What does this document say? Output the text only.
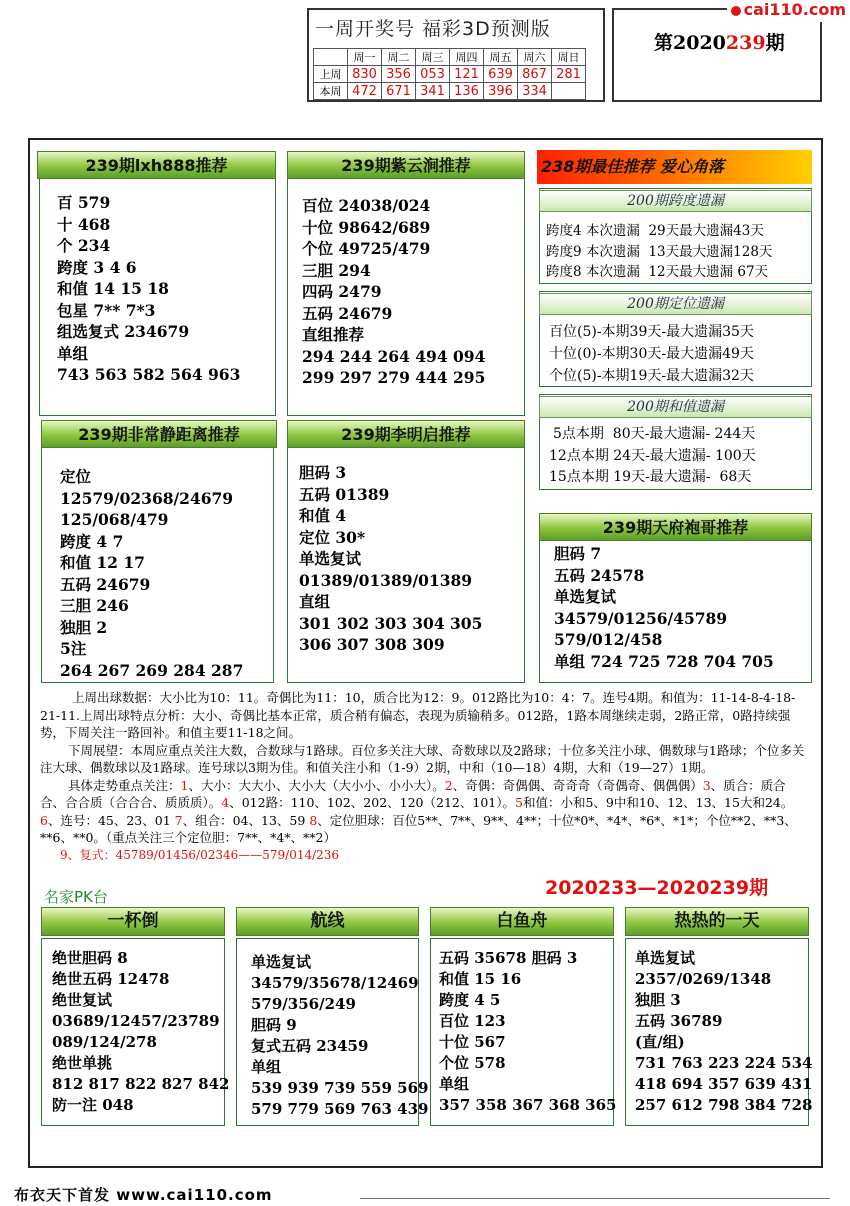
一周开奖号 福彩3D预测版
	周一	周二	周三	周四	周五	周六	周日
上周	830	356	053	121	639	867	281
本周	472	671	341	136	396	334	
第2020239期
cai110.com
百 579
十 468
个 234
跨度 3 4 6
和值 14 15 18
包星 7** 7*3
组选复式 234679
单组
743 563 582 564 963
239期lxh888推荐
百位 24038/024
十位 98642/689
个位 49725/479
三胆 294
四码 2479
五码 24679
直组推荐
294 244 264 494 094
299 297 279 444 295
239期紫云涧推荐	238期最佳推荐 爱心角落
200期跨度遗漏
跨度4 本次遗漏  29天最大遗漏43天
跨度9 本次遗漏  13天最大遗漏128天
跨度8 本次遗漏  12天最大遗漏 67天
200期定位遗漏
百位(5)-本期39天-最大遗漏35天
十位(0)-本期30天-最大遗漏49天
个位(5)-本期19天-最大遗漏32天
200期和值遗漏
5点本期  80天-最大遗漏- 244天
12点本期 24天-最大遗漏- 100天
15点本期 19天-最大遗漏-  68天
定位
12579/02368/24679
125/068/479
跨度 4 7
和值 12 17
五码 24679
三胆 246
独胆 2
5注
264 267 269 284 287
239期非常静距离推荐
胆码 3
五码 01389
和值 4
定位 30*
单选复试
01389/01389/01389
直组
301 302 303 304 305
306 307 308 309
239期李明启推荐
胆码 7
五码 24578
单选复试
34579/01256/45789
579/012/458
单组 724 725 728 704 705
239期天府袍哥推荐

上周出球数据：大小比为10：11。奇偶比为11：10，质合比为12：9。012路比为10：4：7。连号4期。和值为：11-14-8-4-18-21-11.上周出球特点分析：大小、奇偶比基本正常，质合稍有偏态，表现为质输稍多。012路，1路本周继续走弱，2路正常，0路持续强势，下周关注一路回补。和值主要11-18之间。

下周展望：本周应重点关注大数，合数球与1路球。百位多关注大球、奇数球以及2路球；十位多关注小球、偶数球与1路球；个位多关注大球、偶数球以及1路球。连号球以3期为佳。和值关注小和（1-9）2期，中和（10—18）4期，大和（19—27）1期。

具体走势重点关注：1、大小：大大小、大小大（大小小、小小大）。2、奇偶：奇偶偶、奇奇奇（奇偶奇、偶偶偶）3、质合：质合合、合合质（合合合、质质质）。4、012路：110、102、202、120（212、101）。5和值：小和5、9中和10、12、13、15大和24。6、连号：45、23、01 7、组合：04、13、59 8、定位胆球：百位5**、7**、9**、4**；十位*0*、*4*、*6*、*1*；个位**2、**3、**6、**0。（重点关注三个定位胆：7**、*4*、**2）

9、复式：45789/01456/02346——579/014/236

名家PK台	2020233—2020239期
绝世胆码 8
绝世五码 12478
绝世复试
03689/12457/23789
089/124/278
绝世单挑
812 817 822 827 842
防一注 048
一杯倒
单选复试
34579/35678/12469
579/356/249
胆码 9
复式五码 23459
单组
539 939 739 559 569
579 779 569 763 439
航线
五码 35678 胆码 3
和值 15 16
跨度 4 5
百位 123
十位 567
个位 578
单组
357 358 367 368 365
白鱼舟
单选复试
2357/0269/1348
独胆 3
五码 36789
(直/组)
731 763 223 224 534
418 694 357 639 431
257 612 798 384 728
热热的一天
布衣天下首发 www.cai110.com
